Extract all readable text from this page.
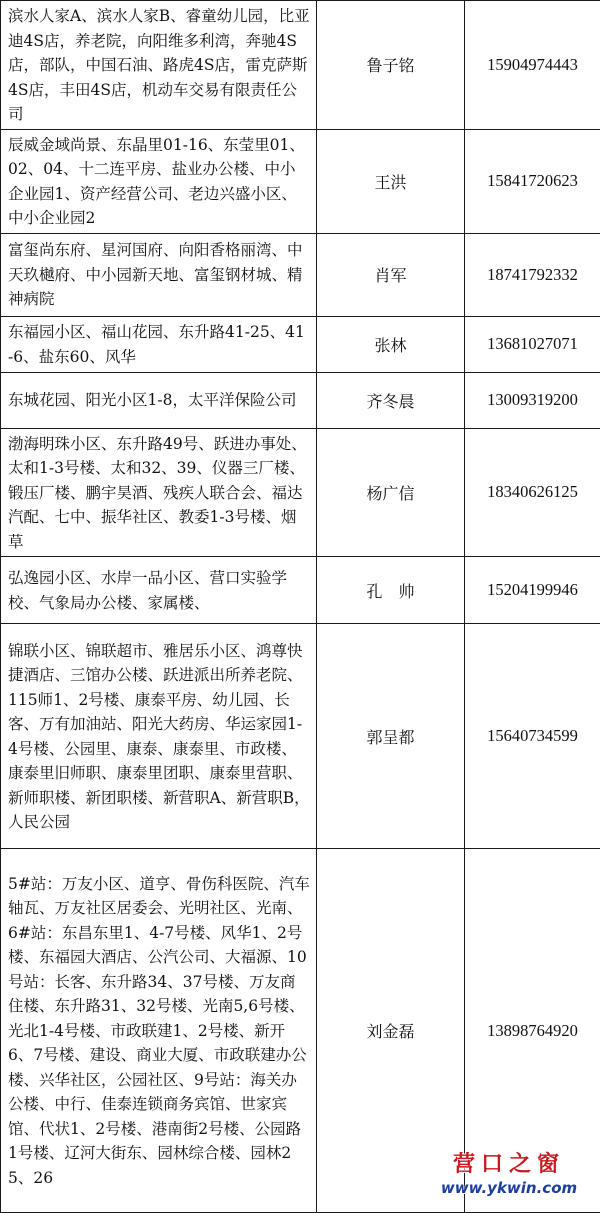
滨水人家A、滨水人家B、睿童幼儿园，比亚迪4S店，养老院，向阳维多利湾，奔驰4S店，部队，中国石油、路虎4S店，雷克萨斯4S店，丰田4S店，机动车交易有限责任公司	鲁子铭	15904974443
辰威金域尚景、东晶里01-16、东莹里01、02、04、十二连平房、盐业办公楼、中小企业园1、资产经营公司、老边兴盛小区、中小企业园2	王洪	15841720623
富玺尚东府、星河国府、向阳香格丽湾、中天玖樾府、中小园新天地、富玺钢材城、精神病院	肖军	18741792332
东福园小区、福山花园、东升路41-25、41-6、盐东60、风华	张林	13681027071
东城花园、阳光小区1-8，太平洋保险公司	齐冬晨	13009319200
渤海明珠小区、东升路49号、跃进办事处、太和1-3号楼、太和32、39、仪器三厂楼、锻压厂楼、鹏宇昊酒、残疾人联合会、福达汽配、七中、振华社区、教委1-3号楼、烟草	杨广信	18340626125
弘逸园小区、水岸一品小区、营口实验学校、气象局办公楼、家属楼、	孔　帅	15204199946
锦联小区、锦联超市、雅居乐小区、鸿尊快捷酒店、三馆办公楼、跃进派出所养老院、115师1、2号楼、康泰平房、幼儿园、长客、万有加油站、阳光大药房、华运家园1-4号楼、公园里、康泰、康泰里、市政楼、康泰里旧师职、康泰里团职、康泰里营职、新师职楼、新团职楼、新营职A、新营职B，人民公园	郭呈都	15640734599
5#站：万友小区、道亨、骨伤科医院、汽车轴瓦、万友社区居委会、光明社区、光南、6#站：东昌东里1、4-7号楼、风华1、2号楼、东福园大酒店、公汽公司、大福源、10号站：长客、东升路34、37号楼、万友商住楼、东升路31、32号楼、光南5,6号楼、光北1-4号楼、市政联建1、2号楼、新开6、7号楼、建设、商业大厦、市政联建办公楼、兴华社区，公园社区、9号站：海关办公楼、中行、佳泰连锁商务宾馆、世家宾馆、代状1、2号楼、港南街2号楼、公园路1号楼、辽河大街东、园林综合楼、园林25、26	刘金磊	13898764920
营口之窗
www.ykwin.com
